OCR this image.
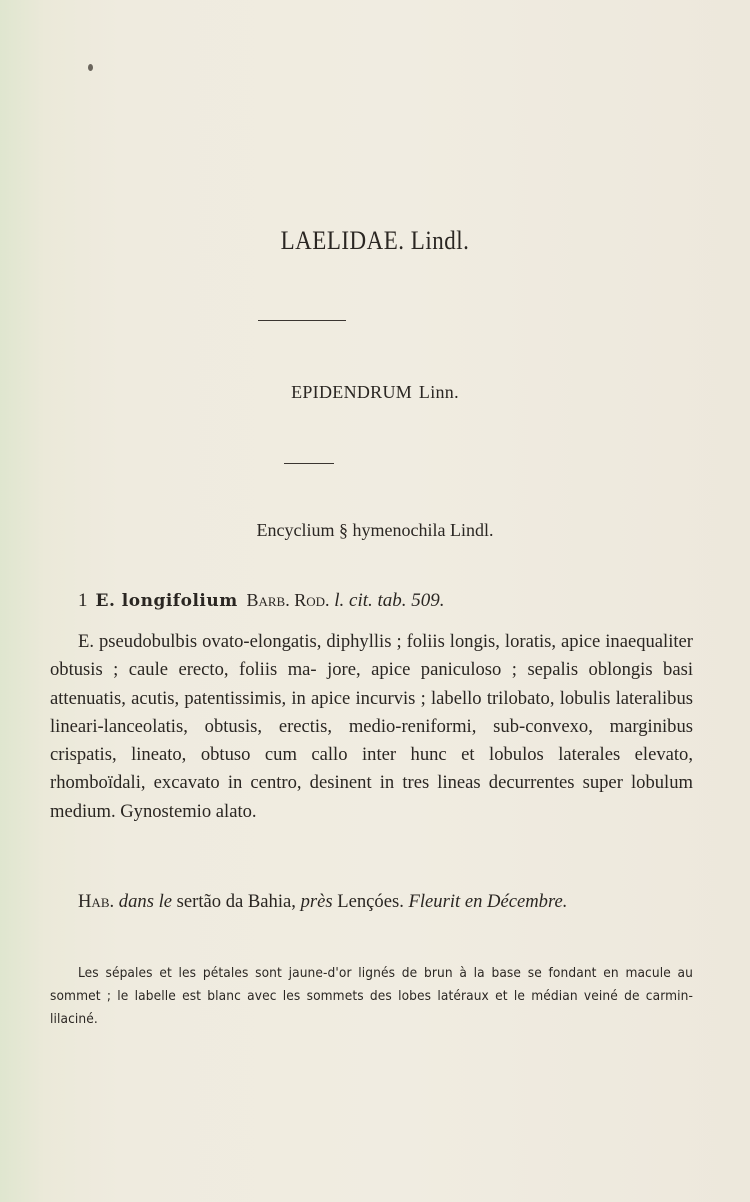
LAELIDAE. Lindl.
EPIDENDRUM Linn.
Encyclium § hymenochila Lindl.
1 E. longifolium Barb. Rod. l. cit. tab. 509.

E. pseudobulbis ovato-elongatis, diphyllis ; foliis longis, loratis, apice inaequaliter obtusis ; caule erecto, foliis ma- jore, apice paniculoso ; sepalis oblongis basi attenuatis, acutis, patentissimis, in apice incurvis ; labello trilobato, lobulis lateralibus lineari-lanceolatis, obtusis, erectis, medio-reniformi, sub-convexo, marginibus crispatis, lineato, obtuso cum callo inter hunc et lobulos laterales elevato, rhomboïdali, excavato in centro, desinent in tres lineas decurrentes super lobulum medium. Gynostemio alato.

Hab. dans le sertão da Bahia, près Lençóes. Fleurit en Décembre.

Les sépales et les pétales sont jaune-d'or lignés de brun à la base se fondant en macule au sommet ; le labelle est blanc avec les sommets des lobes latéraux et le médian veiné de carmin-lilaciné.
